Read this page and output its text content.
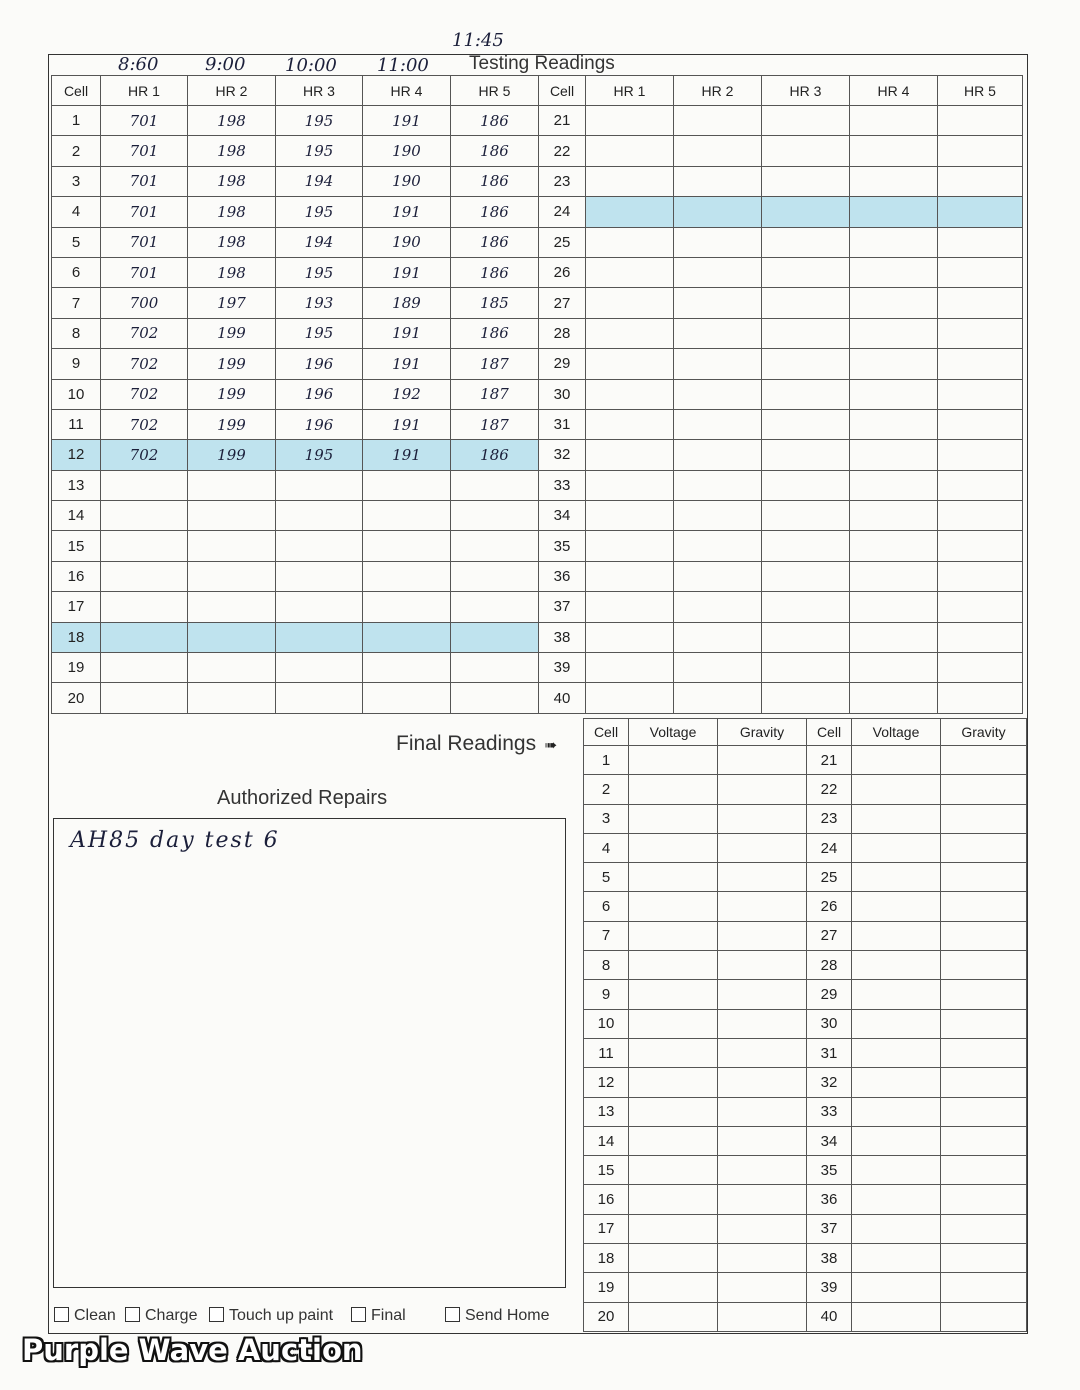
8:60	9:00 10:00 11:00
11:45
Testing Readings
Cell	HR 1	HR 2	HR 3	HR 4	HR 5	Cell	HR 1	HR 2	HR 3	HR 4	HR 5
1	701	198	195	191	186	21					
2	701	198	195	190	186	22					
3	701	198	194	190	186	23					
4	701	198	195	191	186	24					
5	701	198	194	190	186	25					
6	701	198	195	191	186	26					
7	700	197	193	189	185	27					
8	702	199	195	191	186	28					
9	702	199	196	191	187	29					
10	702	199	196	192	187	30					
11	702	199	196	191	187	31					
12	702	199	195	191	186	32					
13						33					
14						34					
15						35					
16						36					
17						37					
18						38					
19						39					
20						40					
Final Readings ➠
Cell	Voltage	Gravity	Cell	Voltage	Gravity
1			21		
2			22		
3			23		
4			24		
5			25		
6			26		
7			27		
8			28		
9			29		
10			30		
11			31		
12			32		
13			33		
14			34		
15			35		
16			36		
17			37		
18			38		
19			39		
20			40		
Authorized Repairs
AH85 day test 6
Clean	Charge	Touch up paint	Final	Send Home
Purple Wave Auction
